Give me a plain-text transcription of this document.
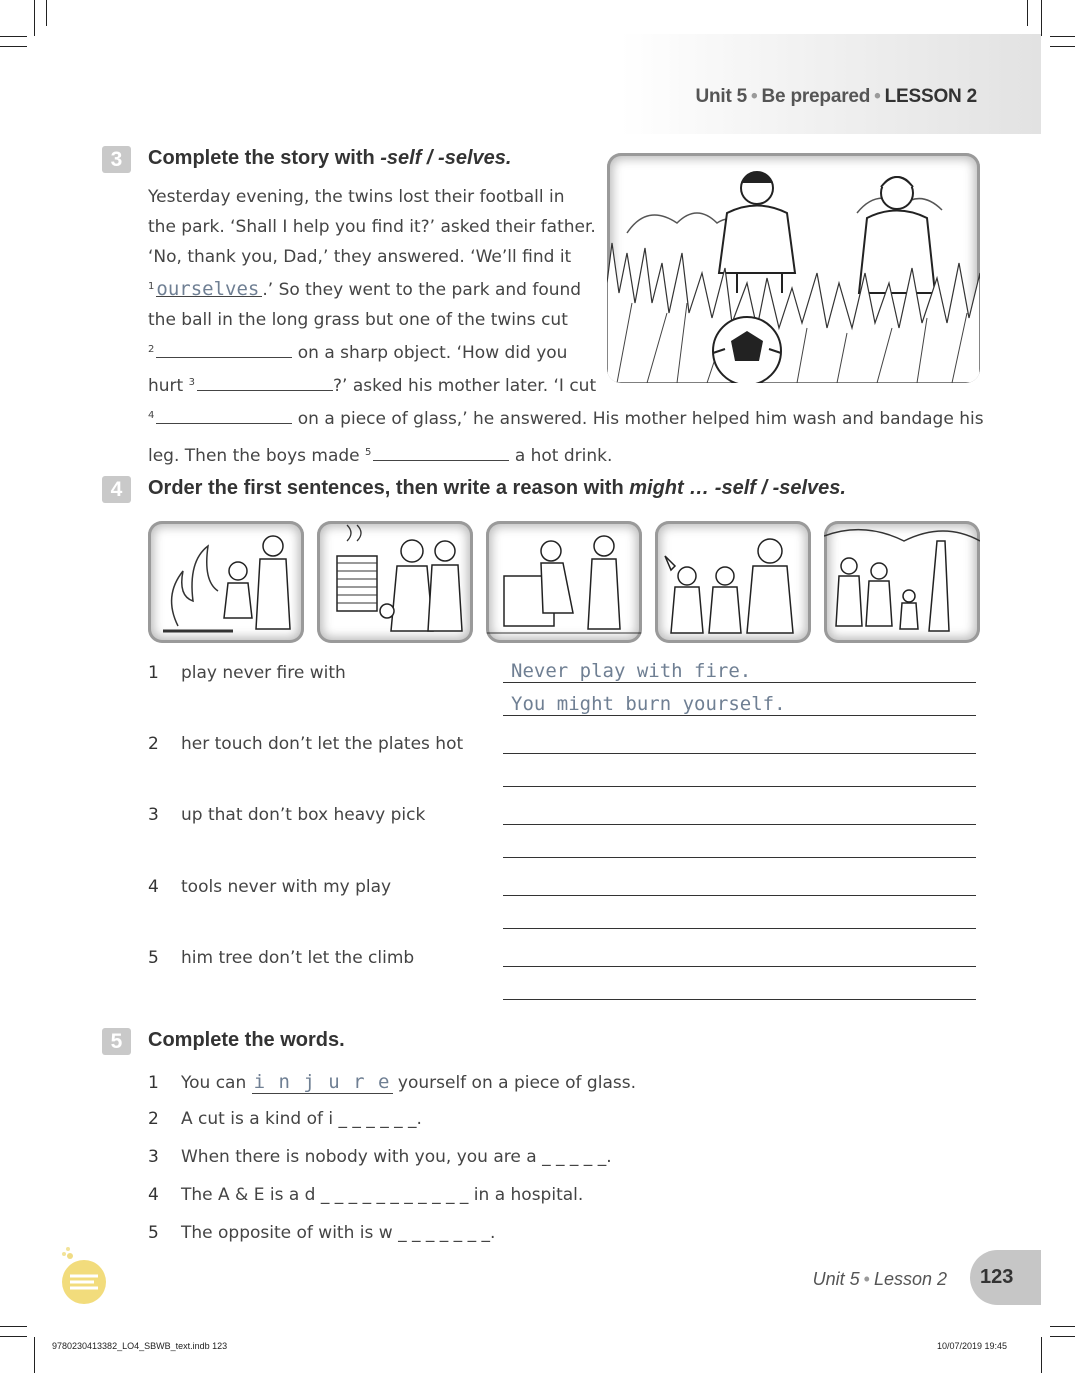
Unit 5 • Be prepared • LESSON 2
3	Complete the story with -self / -selves.
Yesterday evening, the twins lost their football in
the park. ‘Shall I help you find it?’ asked their father.
‘No, thank you, Dad,’ they answered. ‘We’ll find it
$^1$ ourselves .’ So they went to the park and found
the ball in the long grass but one of the twins cut
$^2$	on a sharp object. ‘How did you
hurt $^3$	?’ asked his mother later. ‘I cut
$^4$	on a piece of glass,’ he answered. His mother helped him wash and bandage his
leg. Then the boys made $^5$	a hot drink.
4	Order the first sentences, then write a reason with might … -self / -selves.
1 play never fire with	Never play with fire.
You might burn yourself.
2 her touch don’t let the plates hot
3 up that don’t box heavy pick
4 tools never with my play
5 him tree don’t let the climb
5	Complete the words.
1 You can i n j u r e yourself on a piece of glass.
2 A cut is a kind of i _ _ _ _ _ _.
3 When there is nobody with you, you are a _ _ _ _ _.
4 The A & E is a d _ _ _ _ _ _ _ _ _ _ _ in a hospital.
5 The opposite of with is w _ _ _ _ _ _ _.
Unit 5 • Lesson 2 123
9780230413382_LO4_SBWB_text.indb 123	10/07/2019 19:45
